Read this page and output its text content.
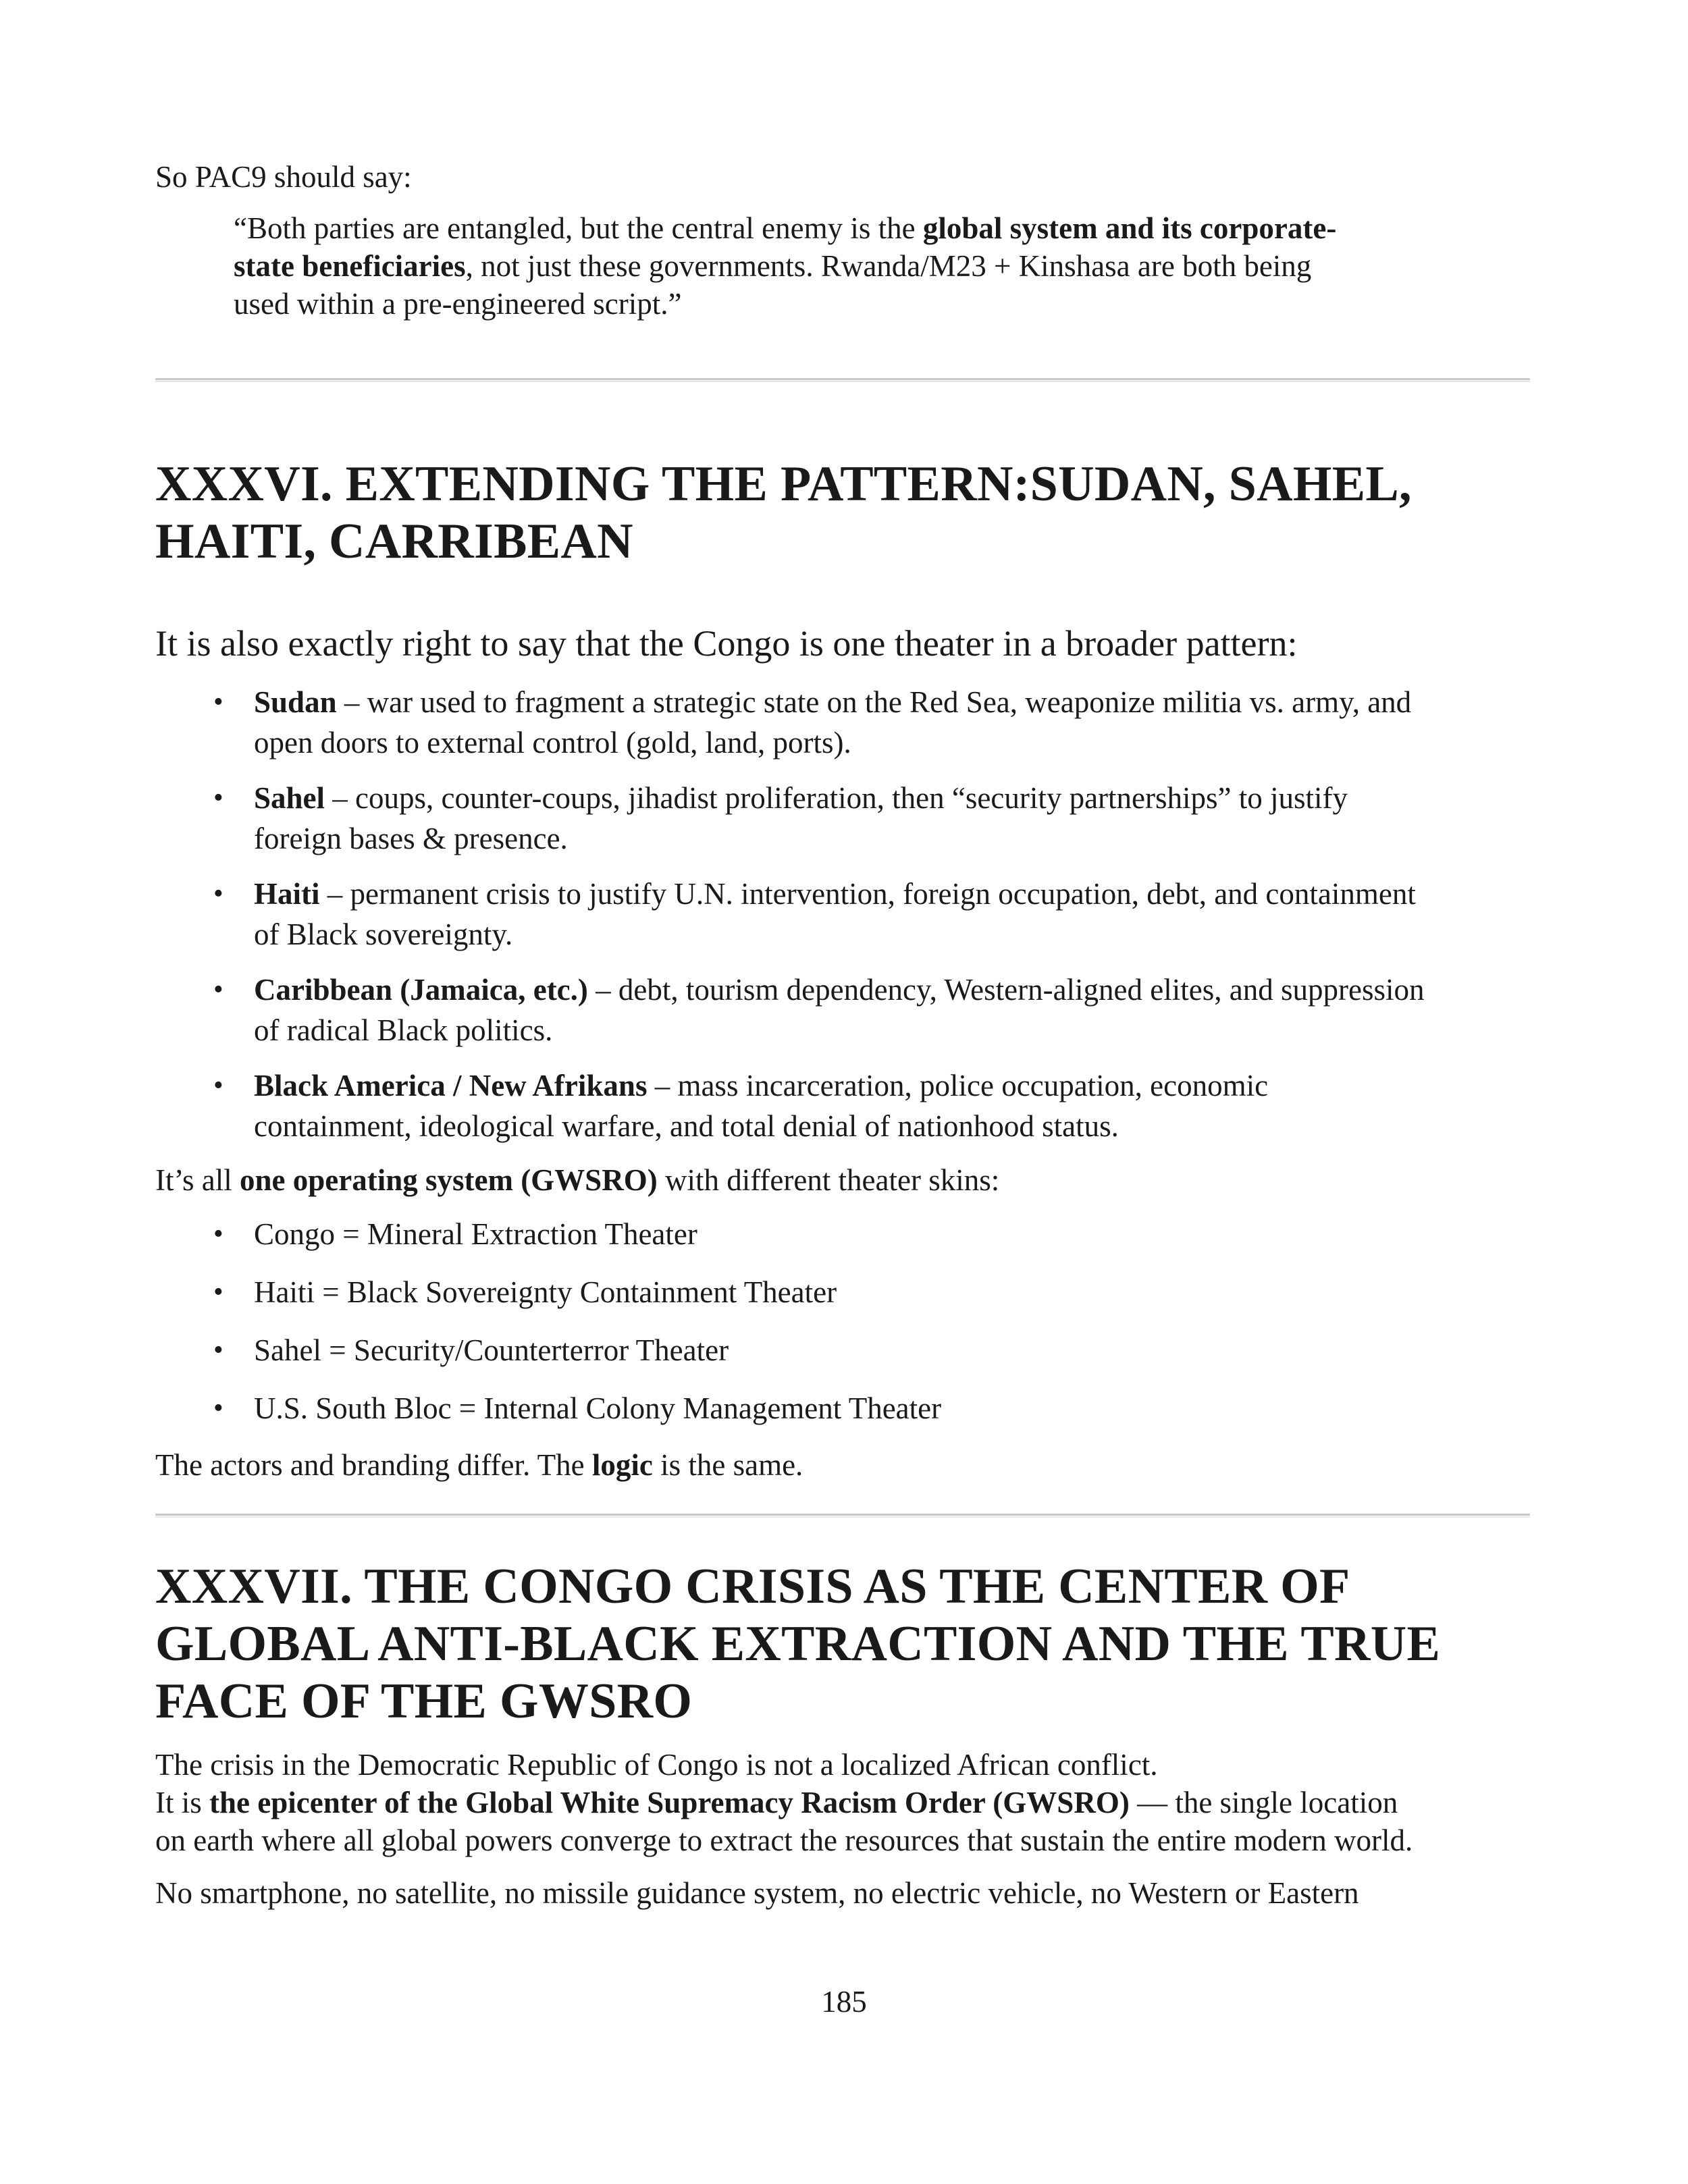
So PAC9 should say:
“Both parties are entangled, but the central enemy is the global system and its corporate-
state beneficiaries, not just these governments. Rwanda/M23 + Kinshasa are both being
used within a pre-engineered script.”
XXXVI. EXTENDING THE PATTERN:SUDAN, SAHEL,
HAITI, CARRIBEAN
It is also exactly right to say that the Congo is one theater in a broader pattern:
• Sudan – war used to fragment a strategic state on the Red Sea, weaponize militia vs. army, and
open doors to external control (gold, land, ports).
• Sahel – coups, counter-coups, jihadist proliferation, then “security partnerships” to justify
foreign bases & presence.
• Haiti – permanent crisis to justify U.N. intervention, foreign occupation, debt, and containment
of Black sovereignty.
• Caribbean (Jamaica, etc.) – debt, tourism dependency, Western-aligned elites, and suppression
of radical Black politics.
• Black America / New Afrikans – mass incarceration, police occupation, economic
containment, ideological warfare, and total denial of nationhood status.
It’s all one operating system (GWSRO) with different theater skins:
• Congo = Mineral Extraction Theater
• Haiti = Black Sovereignty Containment Theater
• Sahel = Security/Counterterror Theater
• U.S. South Bloc = Internal Colony Management Theater
The actors and branding differ. The logic is the same.
XXXVII. THE CONGO CRISIS AS THE CENTER OF
GLOBAL ANTI-BLACK EXTRACTION AND THE TRUE
FACE OF THE GWSRO
The crisis in the Democratic Republic of Congo is not a localized African conflict.
It is the epicenter of the Global White Supremacy Racism Order (GWSRO) — the single location
on earth where all global powers converge to extract the resources that sustain the entire modern world.
No smartphone, no satellite, no missile guidance system, no electric vehicle, no Western or Eastern
185
